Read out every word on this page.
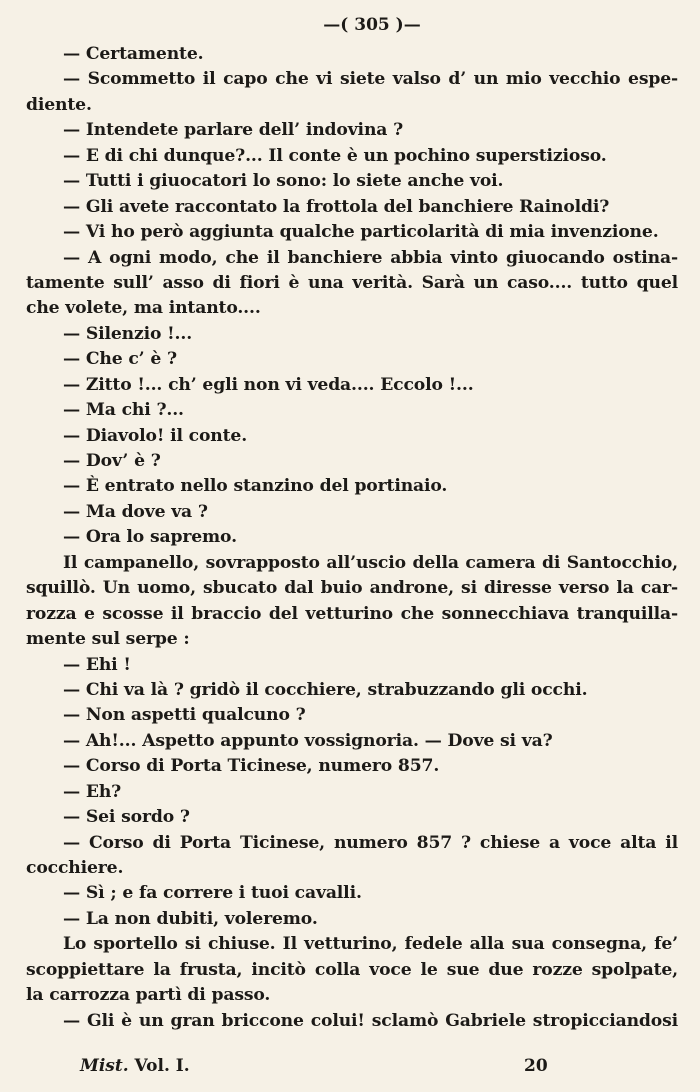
—( 305 )—
— Certamente.
— Scommetto il capo che vi siete valso d’ un mio vecchio espe-
diente.
— Intendete parlare dell’ indovina ?
— E di chi dunque?... Il conte è un pochino superstizioso.
— Tutti i giuocatori lo sono: lo siete anche voi.
— Gli avete raccontato la frottola del banchiere Rainoldi?
— Vi ho però aggiunta qualche particolarità di mia invenzione.
— A ogni modo, che il banchiere abbia vinto giuocando ostina-
tamente sull’ asso di fiori è una verità. Sarà un caso.... tutto quel
che volete, ma intanto....
— Silenzio !...
— Che c’ è ?
— Zitto !... ch’ egli non vi veda.... Eccolo !...
— Ma chi ?...
— Diavolo! il conte.
— Dov’ è ?
— È entrato nello stanzino del portinaio.
— Ma dove va ?
— Ora lo sapremo.
Il campanello, sovrapposto all’uscio della camera di Santocchio,
squillò. Un uomo, sbucato dal buio androne, si diresse verso la car-
rozza e scosse il braccio del vetturino che sonnecchiava tranquilla-
mente sul serpe :
— Ehi !
— Chi va là ? gridò il cocchiere, strabuzzando gli occhi.
— Non aspetti qualcuno ?
— Ah!... Aspetto appunto vossignoria. — Dove si va?
— Corso di Porta Ticinese, numero 857.
— Eh?
— Sei sordo ?
— Corso di Porta Ticinese, numero 857 ? chiese a voce alta il
cocchiere.
— Sì ; e fa correre i tuoi cavalli.
— La non dubiti, voleremo.
Lo sportello si chiuse. Il vetturino, fedele alla sua consegna, fe’
scoppiettare la frusta, incitò colla voce le sue due rozze spolpate,
la carrozza partì di passo.
— Gli è un gran briccone colui! sclamò Gabriele stropicciandosi
Mist. Vol. I.	20
